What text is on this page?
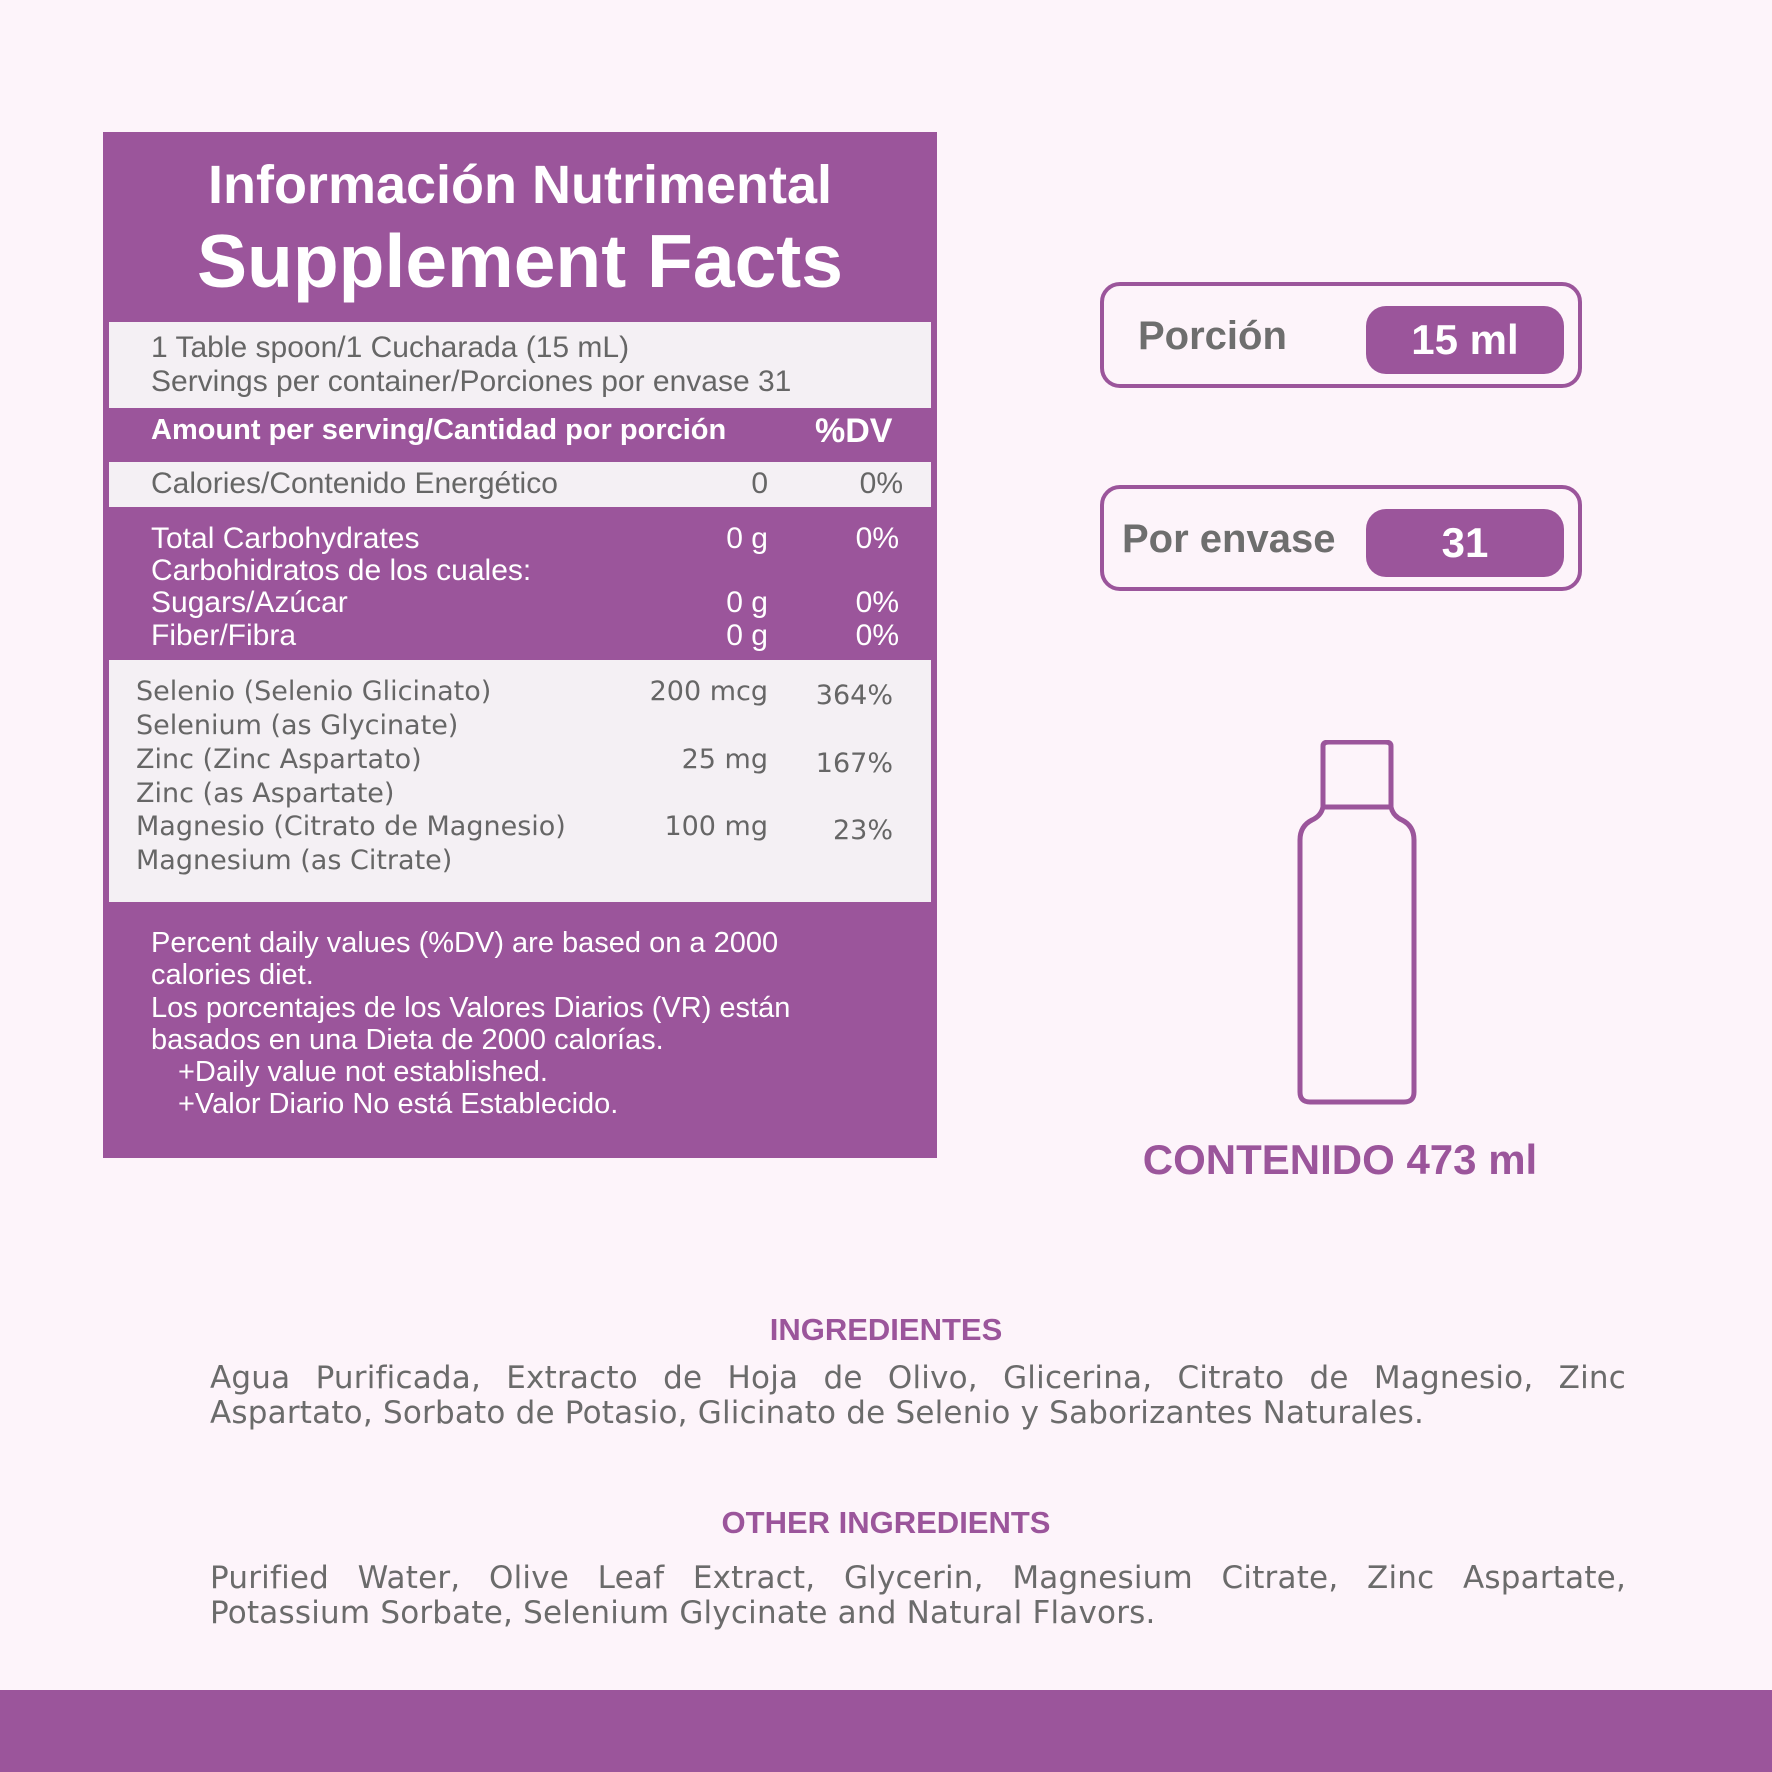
Información Nutrimental
Supplement Facts
1 Table spoon/1 Cucharada (15 mL)
Servings per container/Porciones por envase 31
Amount per serving/Cantidad por porción	%DV
Calories/Contenido Energético	0	0%
Total Carbohydrates	0 g	0%
Carbohidratos de los cuales:
Sugars/Azúcar	0 g	0%
Fiber/Fibra	0 g	0%
Selenio (Selenio Glicinato)
Selenium (as Glycinate)
200 mcg	364%
Zinc (Zinc Aspartato)
Zinc (as Aspartate)
25 mg	167%
Magnesio (Citrato de Magnesio)
Magnesium (as Citrate)
100 mg	23%
Percent daily values (%DV) are based on a 2000
calories diet.
Los porcentajes de los Valores Diarios (VR) están
basados en una Dieta de 2000 calorías.
+Daily value not established.
+Valor Diario No está Establecido.
Porción	15 ml
Por envase	31
CONTENIDO 473 ml
INGREDIENTES
Agua Purificada, Extracto de Hoja de Olivo, Glicerina, Citrato de Magnesio, Zinc Aspartato, Sorbato de Potasio, Glicinato de Selenio y Saborizantes Naturales.
OTHER INGREDIENTS
Purified Water, Olive Leaf Extract, Glycerin, Magnesium Citrate, Zinc Aspartate, Potassium Sorbate, Selenium Glycinate and Natural Flavors.
